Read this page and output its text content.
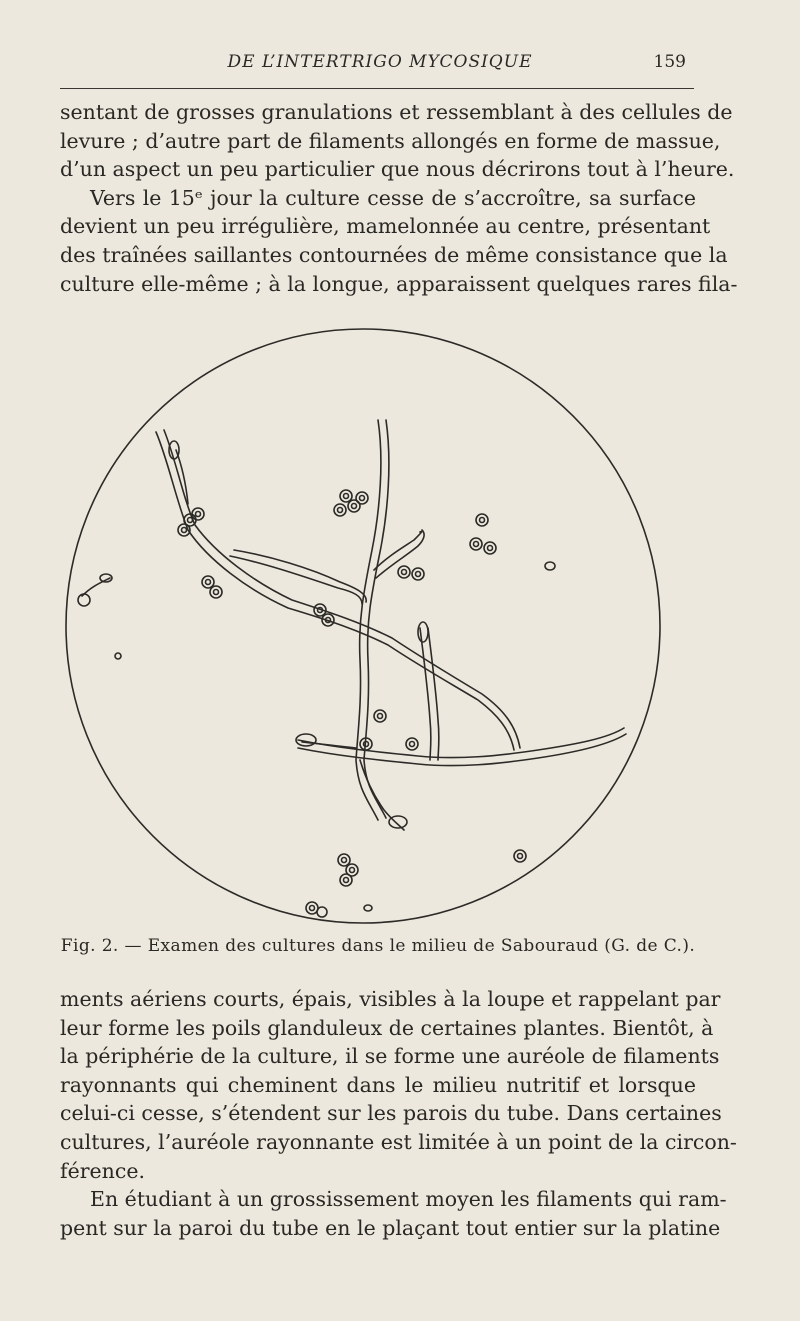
DE L’INTERTRIGO MYCOSIQUE	159

sentant de grosses granulations et ressemblant à des cellules de
levure ; d’autre part de filaments allongés en forme de massue,
d’un aspect un peu particulier que nous décrirons tout à l’heure.
Vers le 15ᵉ jour la culture cesse de s’accroître, sa surface
devient un peu irrégulière, mamelonnée au centre, présentant
des traînées saillantes contournées de même consistance que la
culture elle-même ; à la longue, apparaissent quelques rares fila-

Fig. 2. — Examen des cultures dans le milieu de Sabouraud (G. de C.).

ments aériens courts, épais, visibles à la loupe et rappelant par
leur forme les poils glanduleux de certaines plantes. Bientôt, à
la périphérie de la culture, il se forme une auréole de filaments
rayonnants qui cheminent dans le milieu nutritif et lorsque
celui-ci cesse, s’étendent sur les parois du tube. Dans certaines
cultures, l’auréole rayonnante est limitée à un point de la circon-
férence.
En étudiant à un grossissement moyen les filaments qui ram-
pent sur la paroi du tube en le plaçant tout entier sur la platine
